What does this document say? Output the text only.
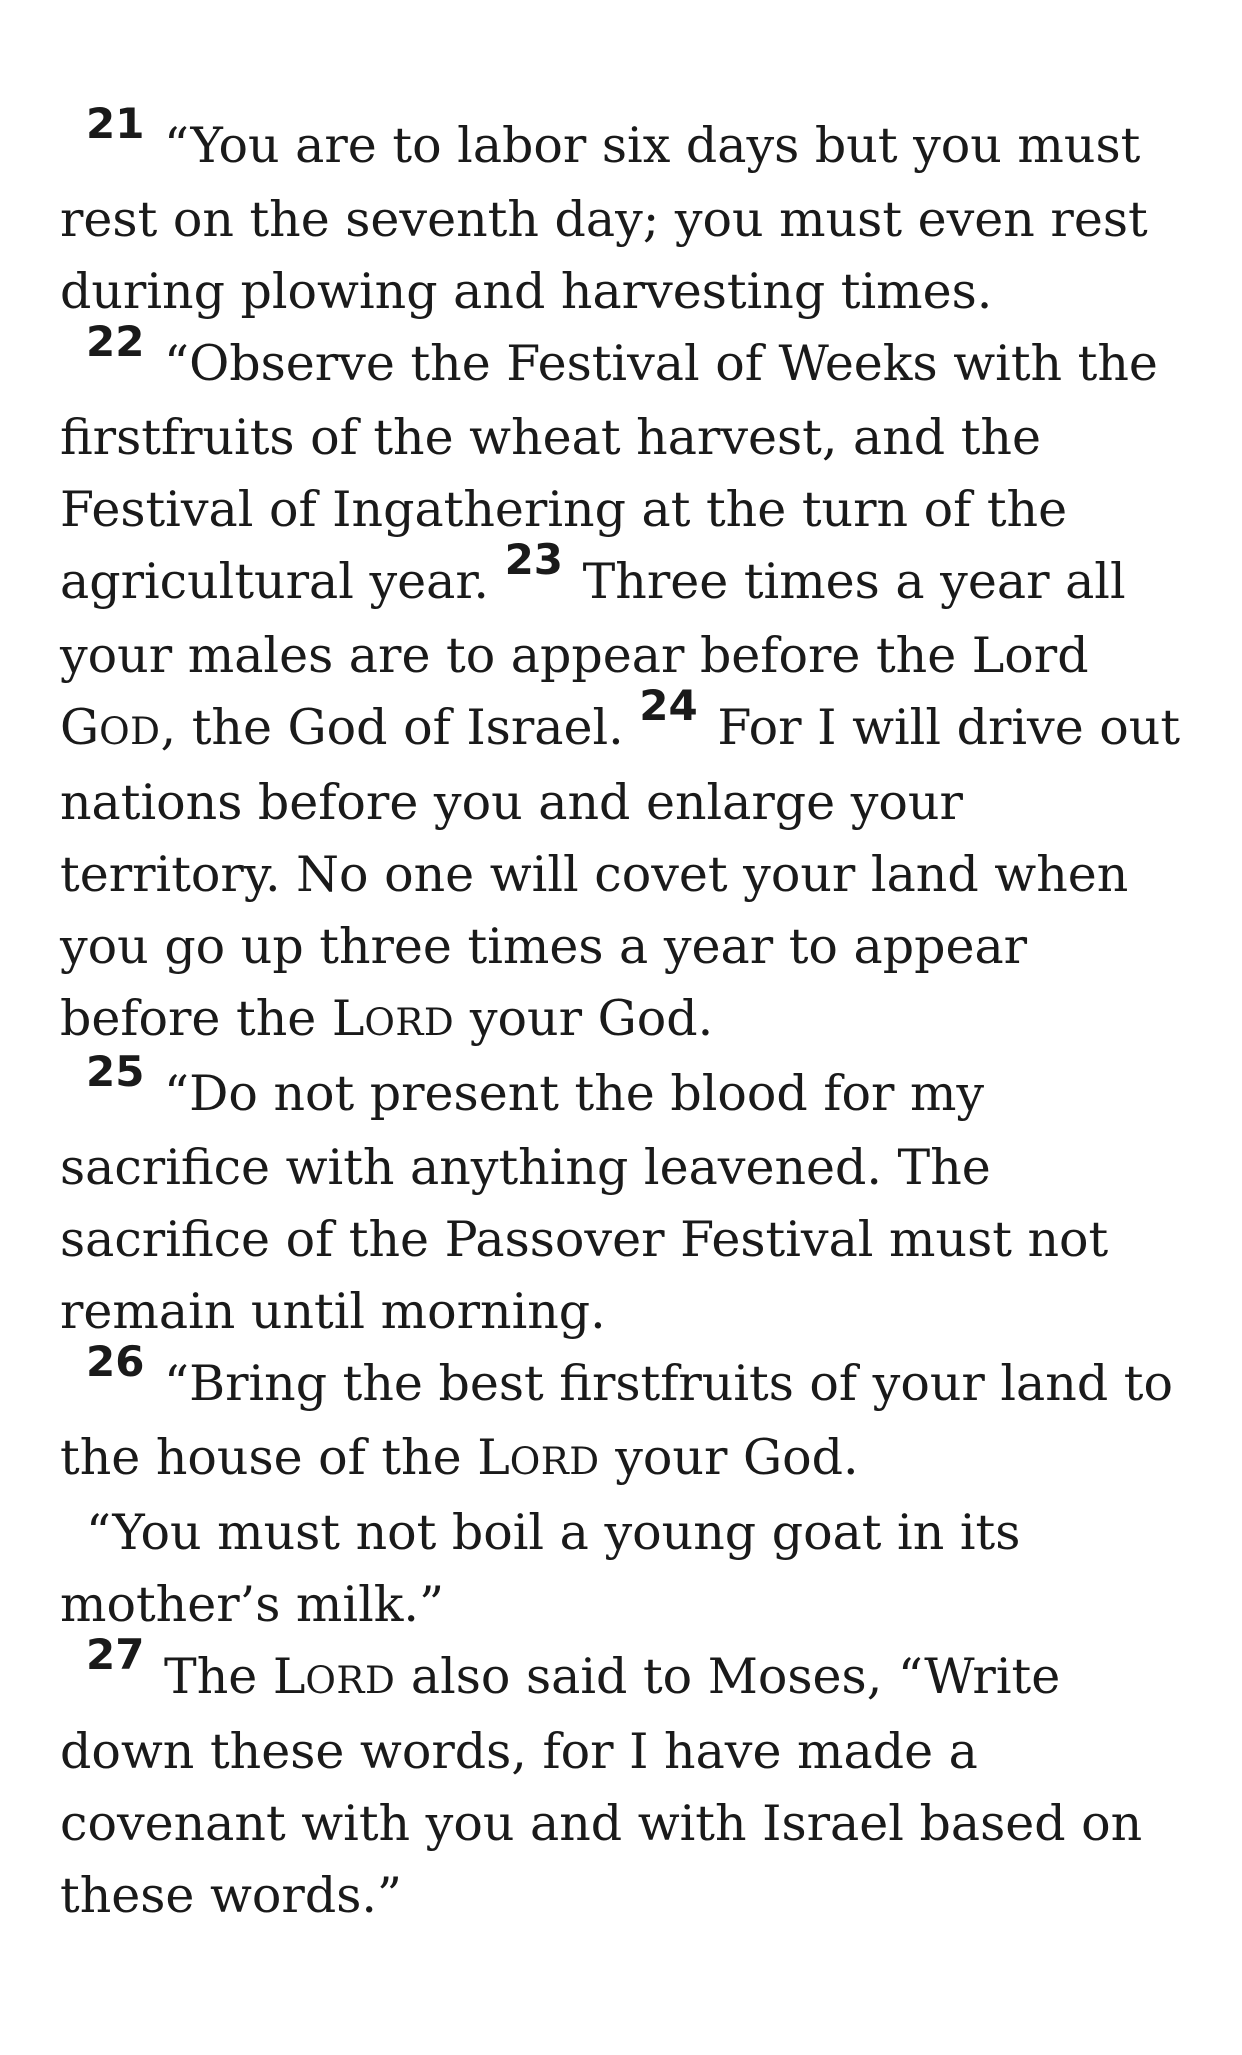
21 “You are to labor six days but you must rest on the seventh day; you must even rest during plowing and harvesting times.

22 “Observe the Festival of Weeks with the firstfruits of the wheat harvest, and the Festival of Ingathering at the turn of the agricultural year. 23 Three times a year all your males are to appear before the Lord GOD, the God of Israel. 24 For I will drive out nations before you and enlarge your territory. No one will covet your land when you go up three times a year to appear before the LORD your God.

25 “Do not present the blood for my sacrifice with anything leavened. The sacrifice of the Passover Festival must not remain until morning.

26 “Bring the best firstfruits of your land to the house of the LORD your God.

“You must not boil a young goat in its mother’s milk.”

27 The LORD also said to Moses, “Write down these words, for I have made a covenant with you and with Israel based on these words.”
